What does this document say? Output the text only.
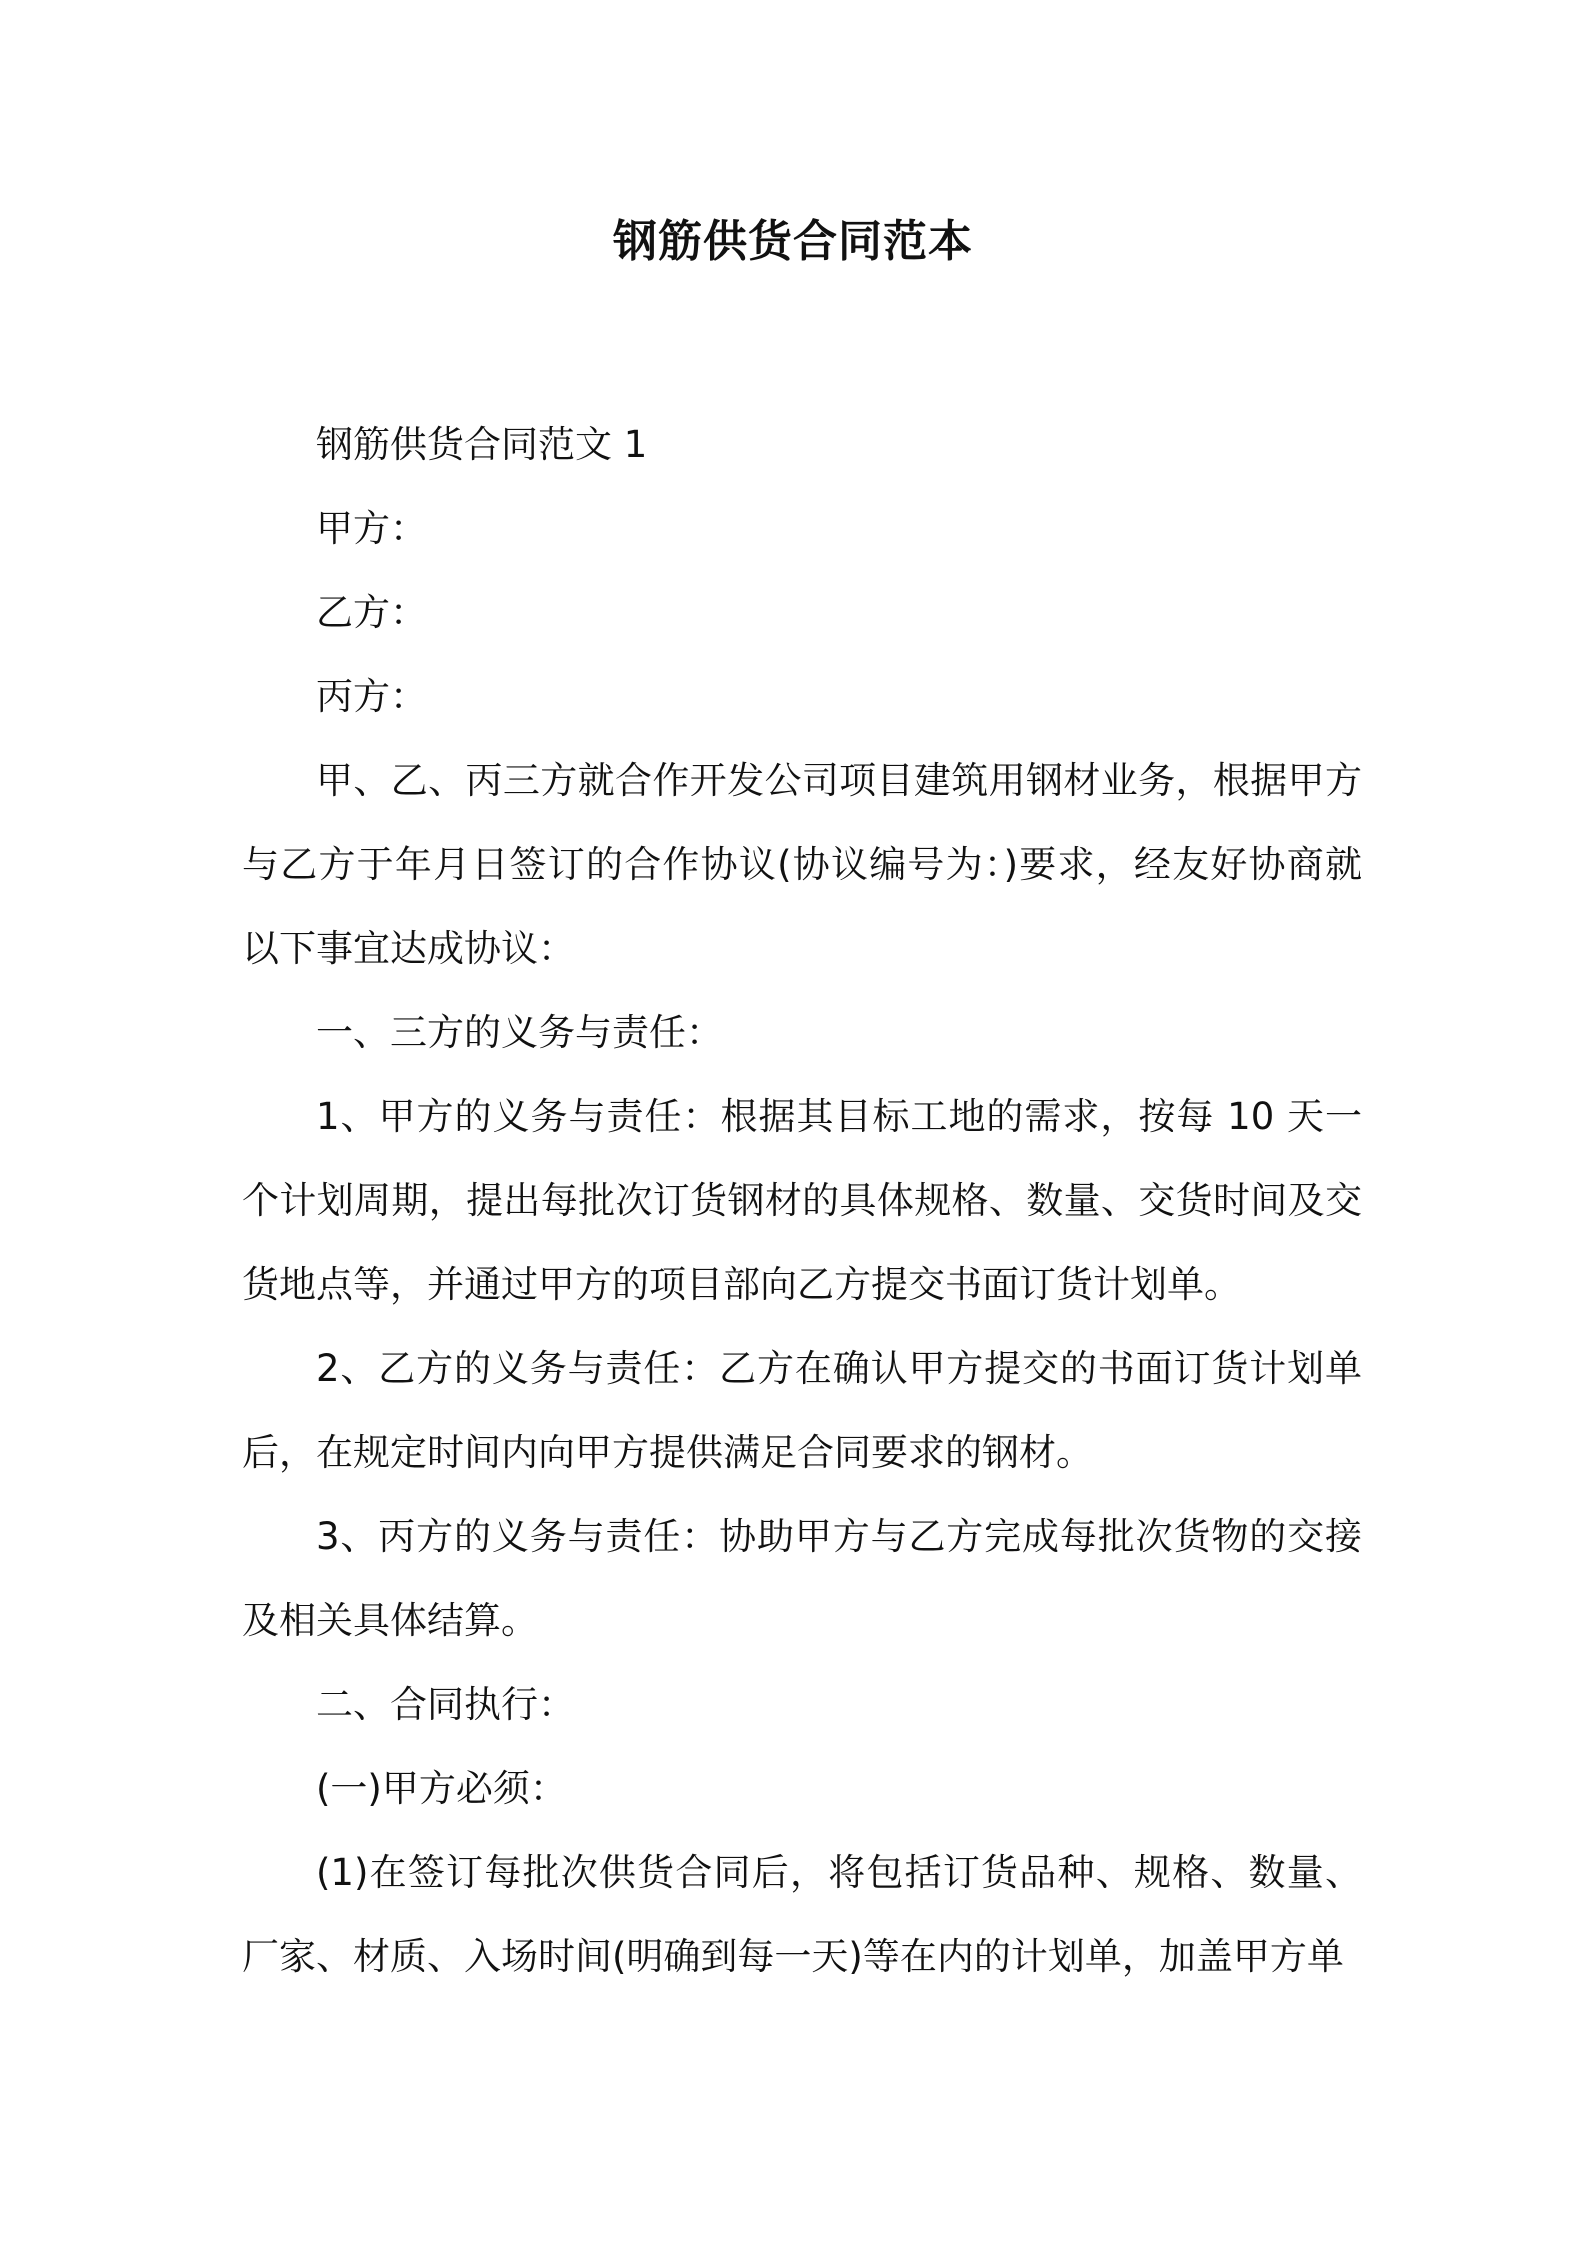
钢筋供货合同范本

钢筋供货合同范文 1

甲方：

乙方：

丙方：

甲、乙、丙三方就合作开发公司项目建筑用钢材业务，根据甲方与乙方于年月日签订的合作协议(协议编号为：)要求，经友好协商就以下事宜达成协议：

一、三方的义务与责任：

1、甲方的义务与责任：根据其目标工地的需求，按每 10 天一个计划周期，提出每批次订货钢材的具体规格、数量、交货时间及交货地点等，并通过甲方的项目部向乙方提交书面订货计划单。

2、乙方的义务与责任：乙方在确认甲方提交的书面订货计划单后，在规定时间内向甲方提供满足合同要求的钢材。

3、丙方的义务与责任：协助甲方与乙方完成每批次货物的交接及相关具体结算。

二、合同执行：

(一)甲方必须：

(1)在签订每批次供货合同后，将包括订货品种、规格、数量、厂家、材质、入场时间(明确到每一天)等在内的计划单，加盖甲方单
